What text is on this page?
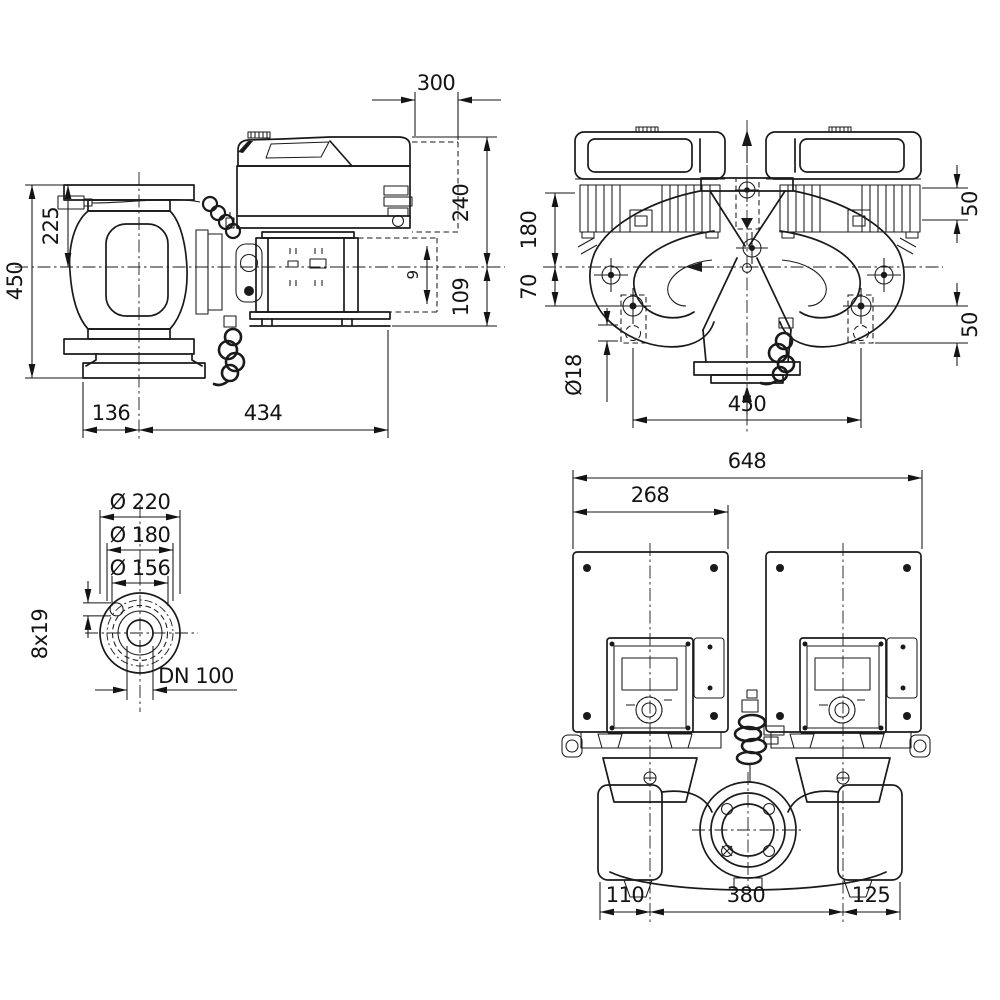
300
240
109
9
225
450
136	434
180
70
50
50
Ø18
450
Ø 220
Ø 180
Ø 156
8x19
DN 100
648
268
110	380	125
